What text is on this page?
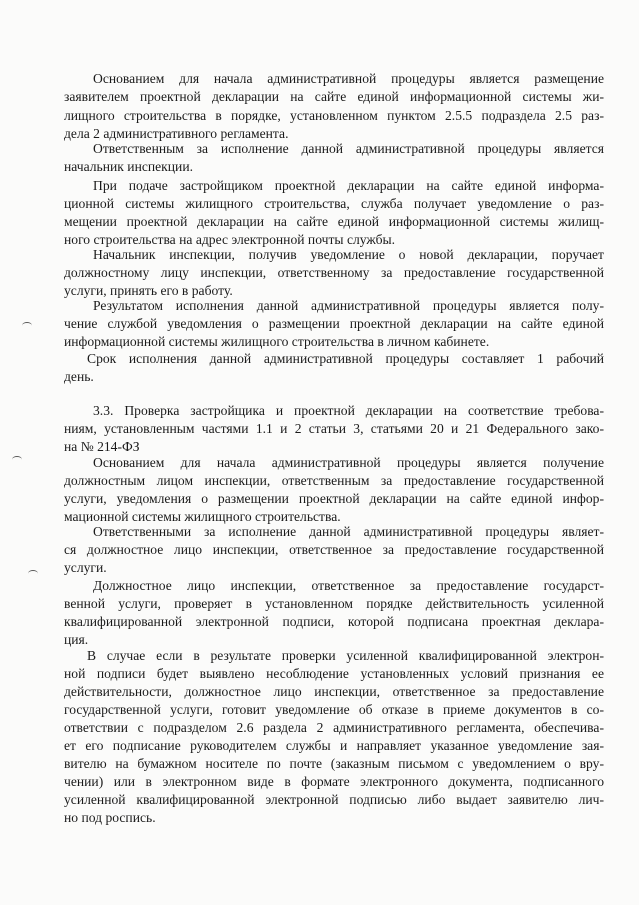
Основанием для начала административной процедуры является размещение
заявителем проектной декларации на сайте единой информационной системы жи-
лищного строительства в порядке, установленном пунктом 2.5.5 подраздела 2.5 раз-
дела 2 административного регламента.
Ответственным за исполнение данной административной процедуры является
начальник инспекции.
При подаче застройщиком проектной декларации на сайте единой информа-
ционной системы жилищного строительства, служба получает уведомление о раз-
мещении проектной декларации на сайте единой информационной системы жилищ-
ного строительства на адрес электронной почты службы.
Начальник инспекции, получив уведомление о новой декларации, поручает
должностному лицу инспекции, ответственному за предоставление государственной
услуги, принять его в работу.
Результатом исполнения данной административной процедуры является полу-
чение службой уведомления о размещении проектной декларации на сайте единой
информационной системы жилищного строительства в личном кабинете.
Срок исполнения данной административной процедуры составляет 1 рабочий
день.
3.3. Проверка застройщика и проектной декларации на соответствие требова-
ниям, установленным частями 1.1 и 2 статьи 3, статьями 20 и 21 Федерального зако-
на № 214-ФЗ
Основанием для начала административной процедуры является получение
должностным лицом инспекции, ответственным за предоставление государственной
услуги, уведомления о размещении проектной декларации на сайте единой инфор-
мационной системы жилищного строительства.
Ответственными за исполнение данной административной процедуры являет-
ся должностное лицо инспекции, ответственное за предоставление государственной
услуги.
Должностное лицо инспекции, ответственное за предоставление государст-
венной услуги, проверяет в установленном порядке действительность усиленной
квалифицированной электронной подписи, которой подписана проектная деклара-
ция.
В случае если в результате проверки усиленной квалифицированной электрон-
ной подписи будет выявлено несоблюдение установленных условий признания ее
действительности, должностное лицо инспекции, ответственное за предоставление
государственной услуги, готовит уведомление об отказе в приеме документов в со-
ответствии с подразделом 2.6 раздела 2 административного регламента, обеспечива-
ет его подписание руководителем службы и направляет указанное уведомление зая-
вителю на бумажном носителе по почте (заказным письмом с уведомлением о вру-
чении) или в электронном виде в формате электронного документа, подписанного
усиленной квалифицированной электронной подписью либо выдает заявителю лич-
но под роспись.
